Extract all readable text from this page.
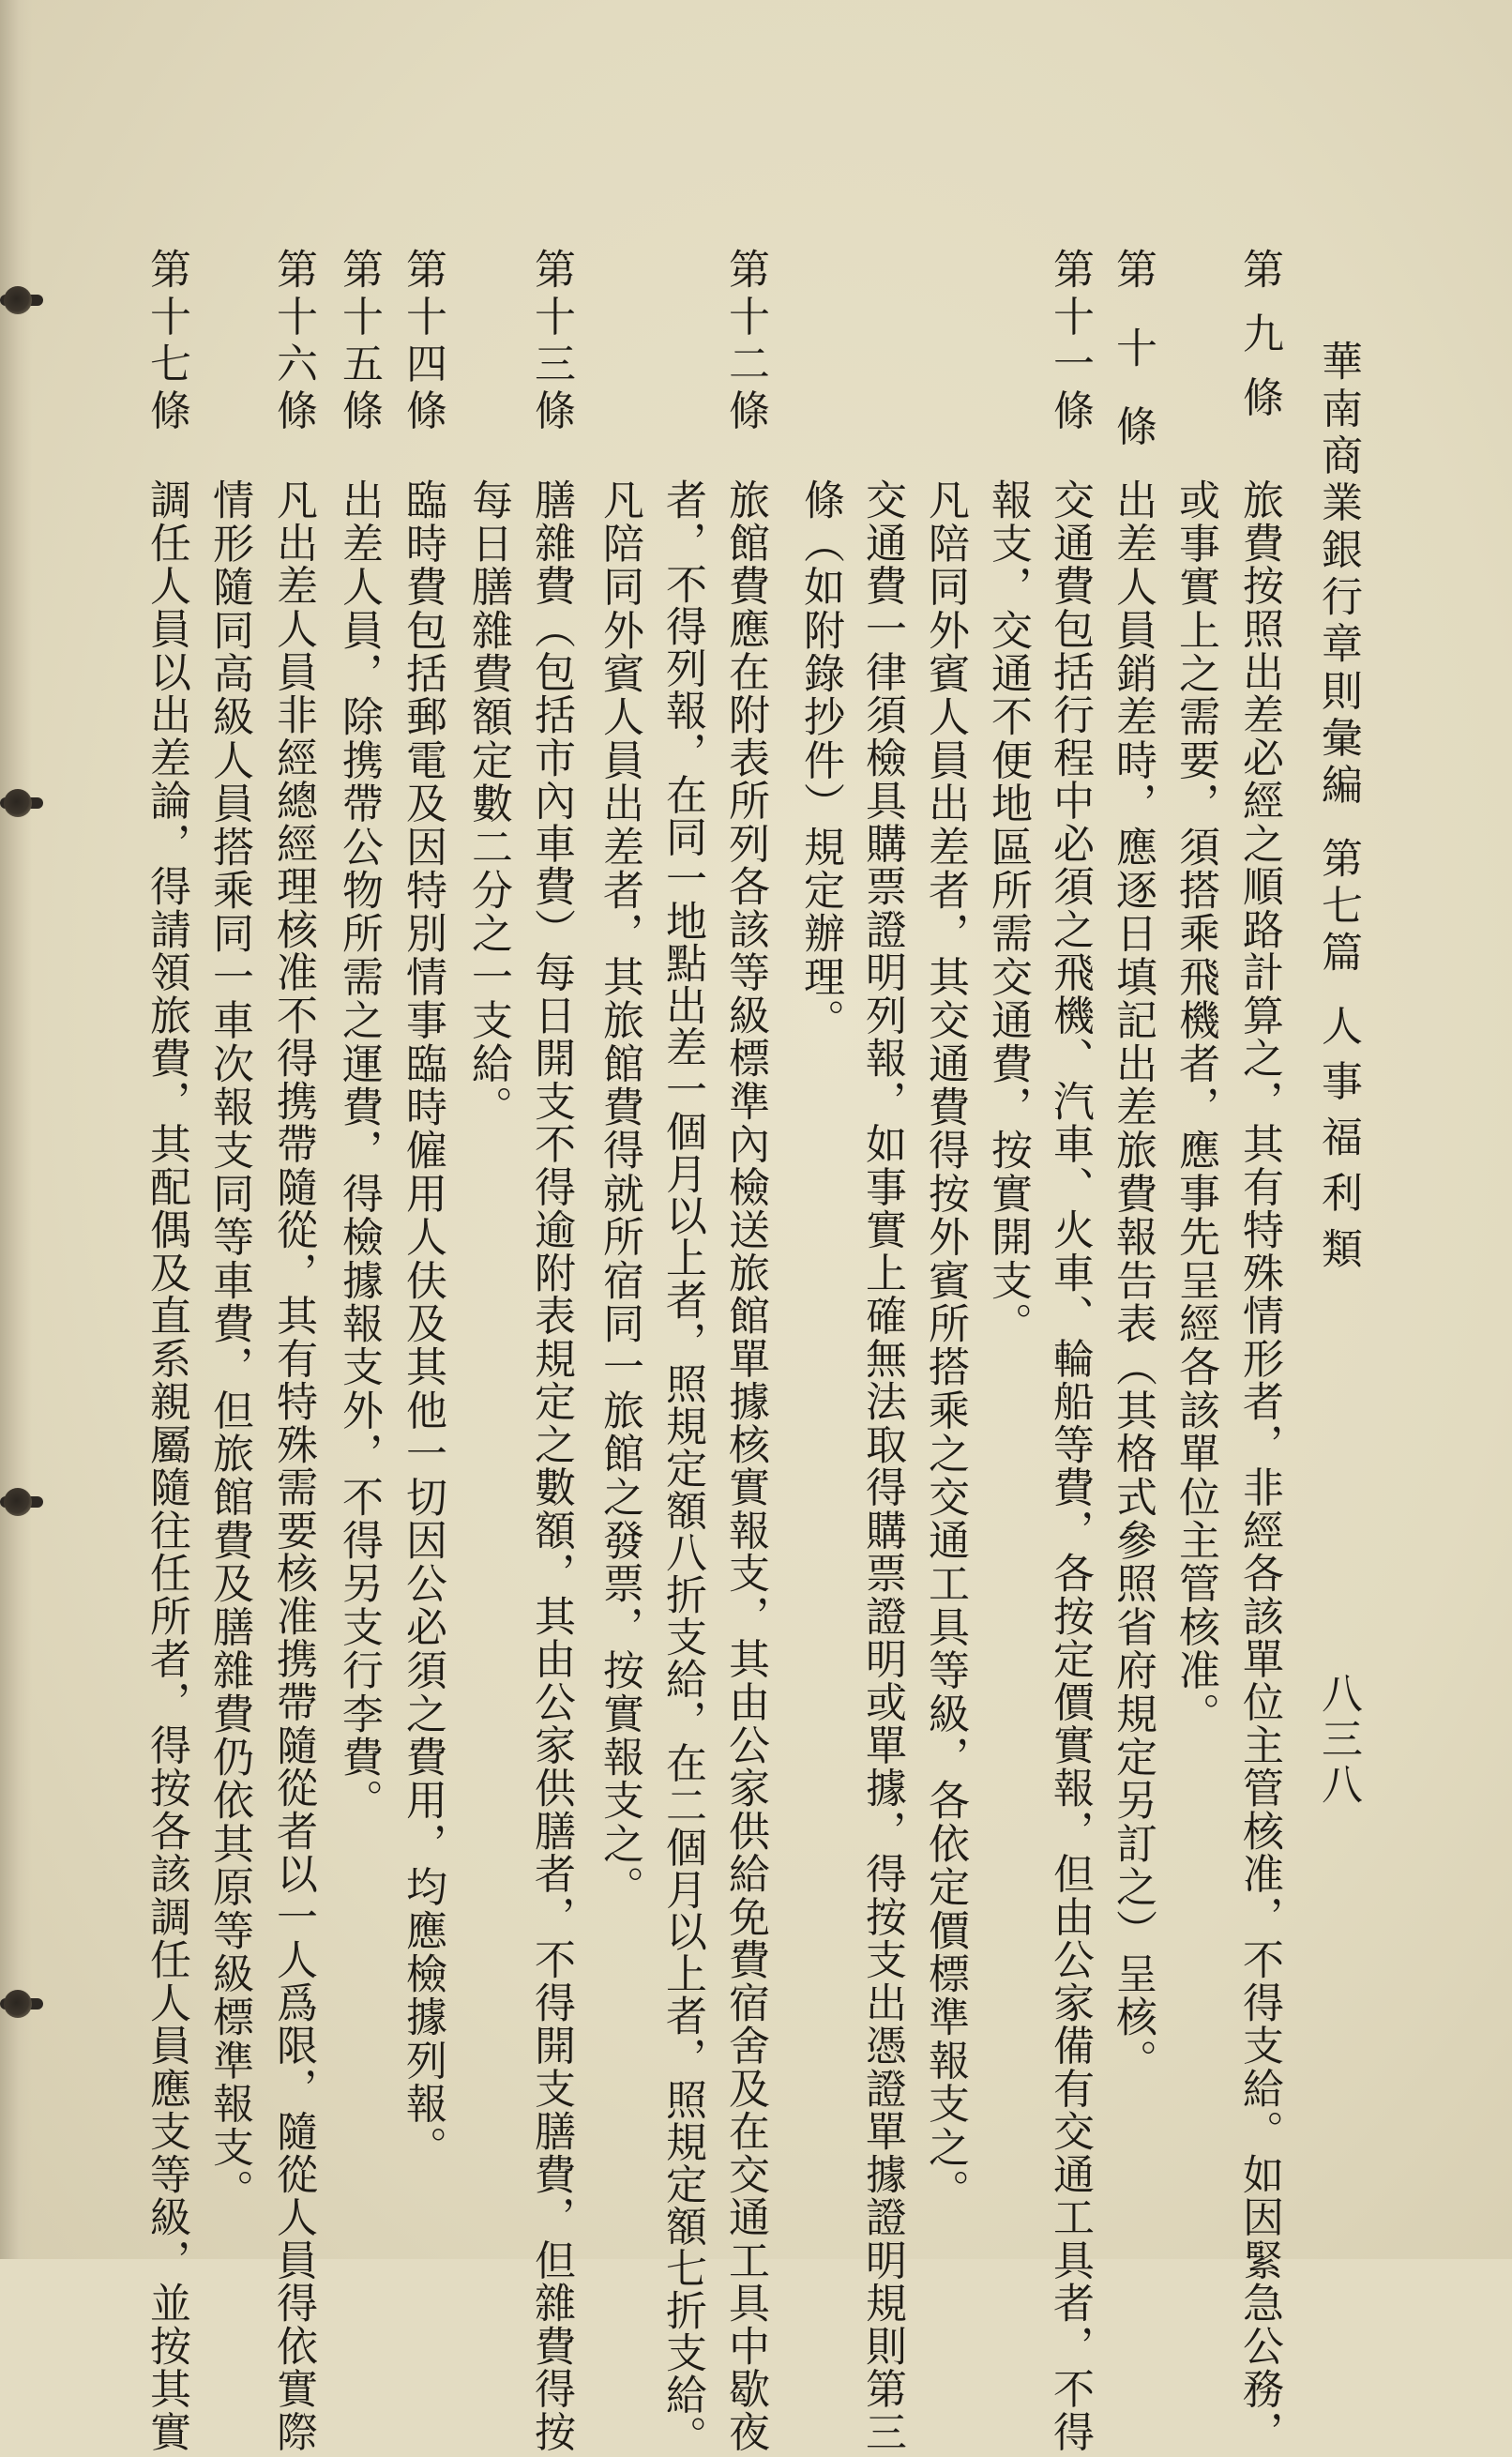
華南商業銀行章則彙編第七篇人事福利類
八三八
第九條
旅費按照出差必經之順路計算之，其有特殊情形者，非經各該單位主管核准，不得支給。如因緊急公務，
或事實上之需要，須搭乘飛機者，應事先呈經各該單位主管核准。
第十條
出差人員銷差時，應逐日填記出差旅費報告表（其格式參照省府規定另訂之）呈核。
第十一條
交通費包括行程中必須之飛機、汽車、火車、輪船等費，各按定價實報，但由公家備有交通工具者，不得
報支，交通不便地區所需交通費，按實開支。
凡陪同外賓人員出差者，其交通費得按外賓所搭乘之交通工具等級，各依定價標準報支之。
交通費一律須檢具購票證明列報，如事實上確無法取得購票證明或單據，得按支出憑證單據證明規則第三
條（如附錄抄件）規定辦理。
第十二條
旅館費應在附表所列各該等級標準內檢送旅館單據核實報支，其由公家供給免費宿舍及在交通工具中歇夜
者，不得列報，在同一地點出差一個月以上者，照規定額八折支給，在二個月以上者，照規定額七折支給。
凡陪同外賓人員出差者，其旅館費得就所宿同一旅館之發票，按實報支之。
第十三條
膳雜費（包括市內車費）每日開支不得逾附表規定之數額，其由公家供膳者，不得開支膳費，但雜費得按
每日膳雜費額定數二分之一支給。
第十四條
臨時費包括郵電及因特別情事臨時僱用人伕及其他一切因公必須之費用，均應檢據列報。
第十五條
出差人員，除携帶公物所需之運費，得檢據報支外，不得另支行李費。
第十六條
凡出差人員非經總經理核准不得携帶隨從，其有特殊需要核准携帶隨從者以一人爲限，隨從人員得依實際
情形隨同高級人員搭乘同一車次報支同等車費，但旅館費及膳雜費仍依其原等級標準報支。
第十七條
調任人員以出差論，得請領旅費，其配偶及直系親屬隨往任所者，得按各該調任人員應支等級，並按其實
